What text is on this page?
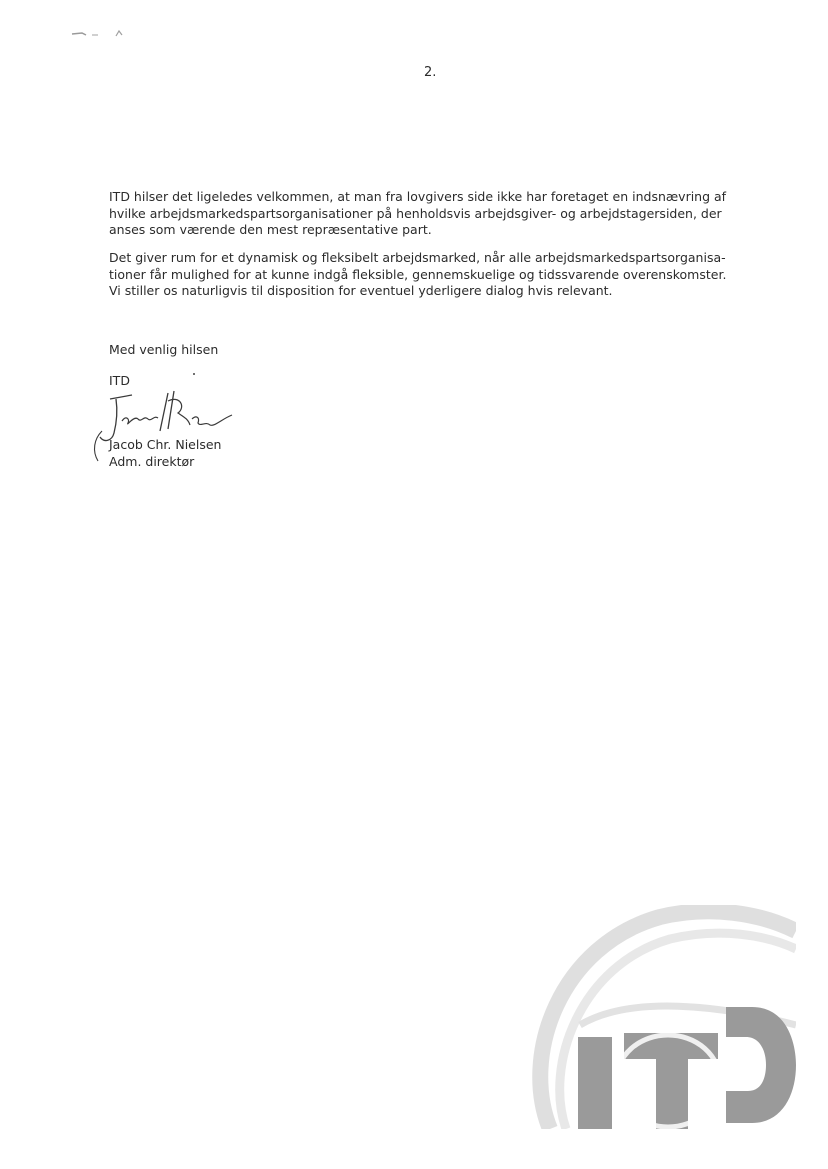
2.

ITD hilser det ligeledes velkommen, at man fra lovgivers side ikke har foretaget en indsnævring af
hvilke arbejdsmarkedspartsorganisationer på henholdsvis arbejdsgiver- og arbejdstagersiden, der
anses som værende den mest repræsentative part.

Det giver rum for et dynamisk og fleksibelt arbejdsmarked, når alle arbejdsmarkedspartsorganisa-
tioner får mulighed for at kunne indgå fleksible, gennemskuelige og tidssvarende overenskomster.
Vi stiller os naturligvis til disposition for eventuel yderligere dialog hvis relevant.

Med venlig hilsen

ITD

Jacob Chr. Nielsen
Adm. direktør
